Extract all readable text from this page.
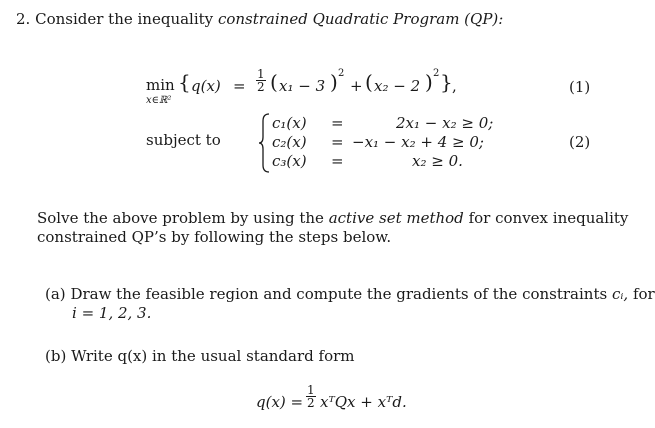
2. Consider the inequality constrained Quadratic Program (QP):
min
x∈ℝ²
{ $q(x) = \frac{1}{2}$ ( x₁ − 3 ) 2
+ ( x₂ − 2 ) 2 } ,	(1)
subject to
c₁(x) =	2x₁ − x₂ ≥ 0;
c₂(x) = −x₁ − x₂ + 4 ≥ 0;
c₃(x) =	x₂ ≥ 0.
(2)
Solve the above problem by using the active set method for convex inequality
constrained QP’s by following the steps below.
(a) Draw the feasible region and compute the gradients of the constraints cᵢ, for
i = 1, 2, 3.
(b) Write q(x) in the usual standard form
$q(x) = \frac{1}{2}$ xᵀQx + xᵀd.
